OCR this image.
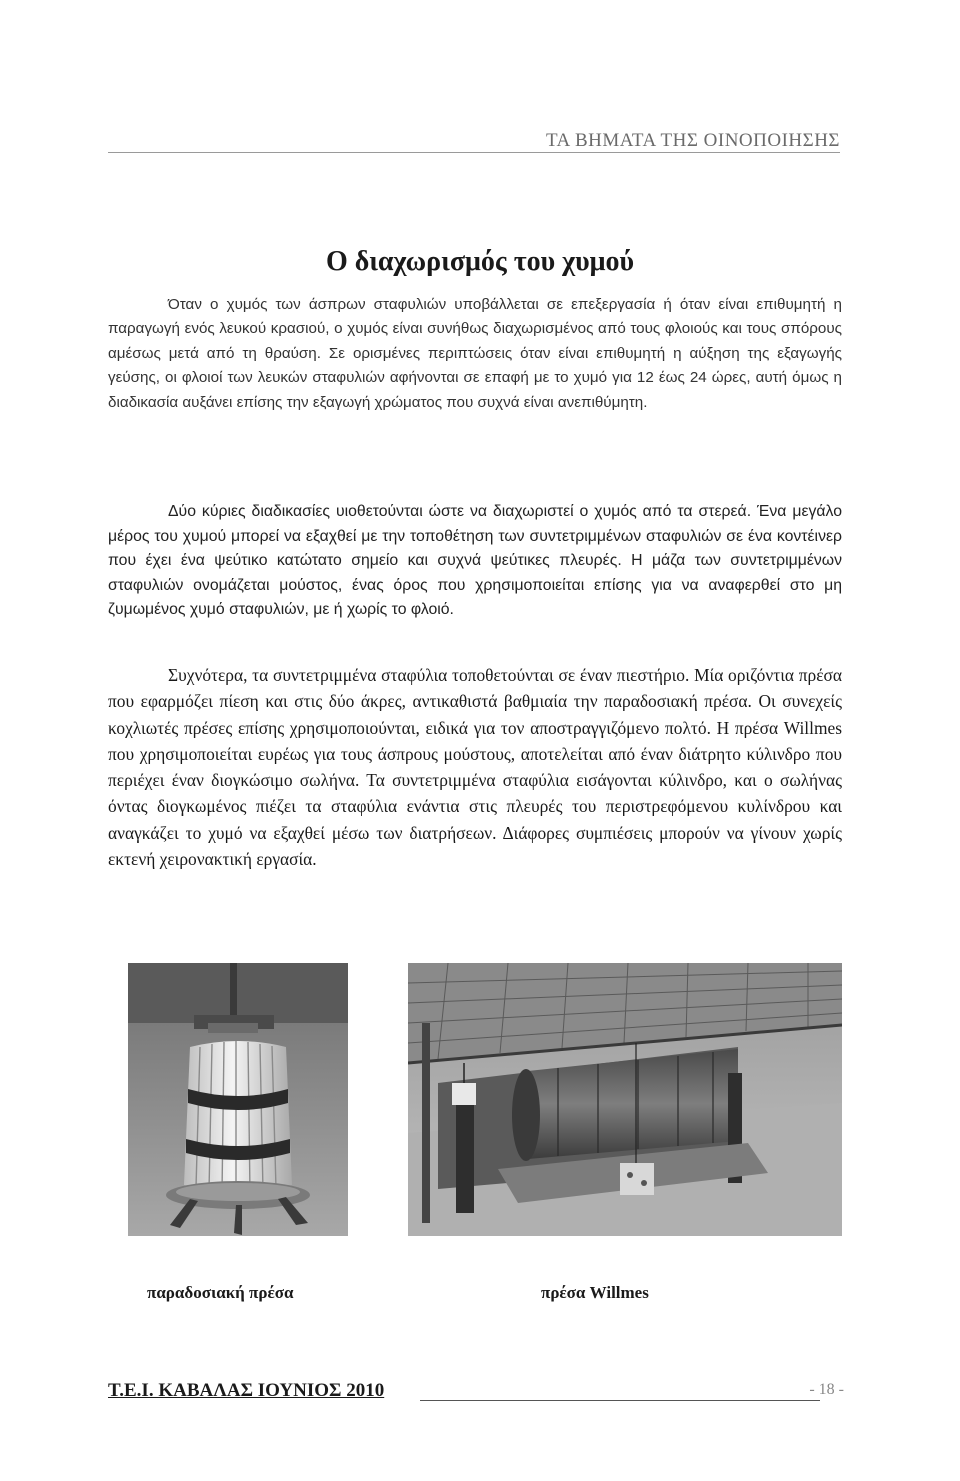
ΤΑ ΒΗΜΑΤΑ ΤΗΣ ΟΙΝΟΠΟΙΗΣΗΣ
Ο διαχωρισμός του χυμού

Όταν ο χυμός των άσπρων σταφυλιών υποβάλλεται σε επεξεργασία ή όταν είναι επιθυμητή η παραγωγή ενός λευκού κρασιού, ο χυμός είναι συνήθως διαχωρισμένος από τους φλοιούς και τους σπόρους αμέσως μετά από τη θραύση. Σε ορισμένες περιπτώσεις όταν είναι επιθυμητή η αύξηση της εξαγωγής γεύσης, οι φλοιοί των λευκών σταφυλιών αφήνονται σε επαφή με το χυμό για 12 έως 24 ώρες, αυτή όμως η διαδικασία αυξάνει επίσης την εξαγωγή χρώματος που συχνά είναι ανεπιθύμητη.

Δύο κύριες διαδικασίες υιοθετούνται ώστε να διαχωριστεί ο χυμός από τα στερεά. Ένα μεγάλο μέρος του χυμού μπορεί να εξαχθεί με την τοποθέτηση των συντετριμμένων σταφυλιών σε ένα κοντέινερ που έχει ένα ψεύτικο κατώτατο σημείο και συχνά ψεύτικες πλευρές. Η μάζα των συντετριμμένων σταφυλιών ονομάζεται μούστος, ένας όρος που χρησιμοποιείται επίσης για να αναφερθεί στο μη ζυμωμένος χυμό σταφυλιών, με ή χωρίς το φλοιό.

Συχνότερα, τα συντετριμμένα σταφύλια τοποθετούνται σε έναν πιεστήριο. Μία οριζόντια πρέσα που εφαρμόζει πίεση και στις δύο άκρες, αντικαθιστά βαθμιαία την παραδοσιακή πρέσα. Οι συνεχείς κοχλιωτές πρέσες επίσης χρησιμοποιούνται, ειδικά για τον αποστραγγιζόμενο πολτό. Η πρέσα Willmes που χρησιμοποιείται ευρέως για τους άσπρους μούστους, αποτελείται από έναν διάτρητο κύλινδρο που περιέχει έναν διογκώσιμο σωλήνα. Τα συντετριμμένα σταφύλια εισάγονται κύλινδρο, και ο σωλήνας όντας διογκωμένος πιέζει τα σταφύλια ενάντια στις πλευρές του περιστρεφόμενου κυλίνδρου και αναγκάζει το χυμό να εξαχθεί μέσω των διατρήσεων. Διάφορες συμπιέσεις μπορούν να γίνουν χωρίς εκτενή χειρονακτική εργασία.

παραδοσιακή πρέσα	πρέσα Willmes
Τ.Ε.Ι. ΚΑΒΑΛΑΣ ΙΟΥΝΙΟΣ 2010	- 18 -
